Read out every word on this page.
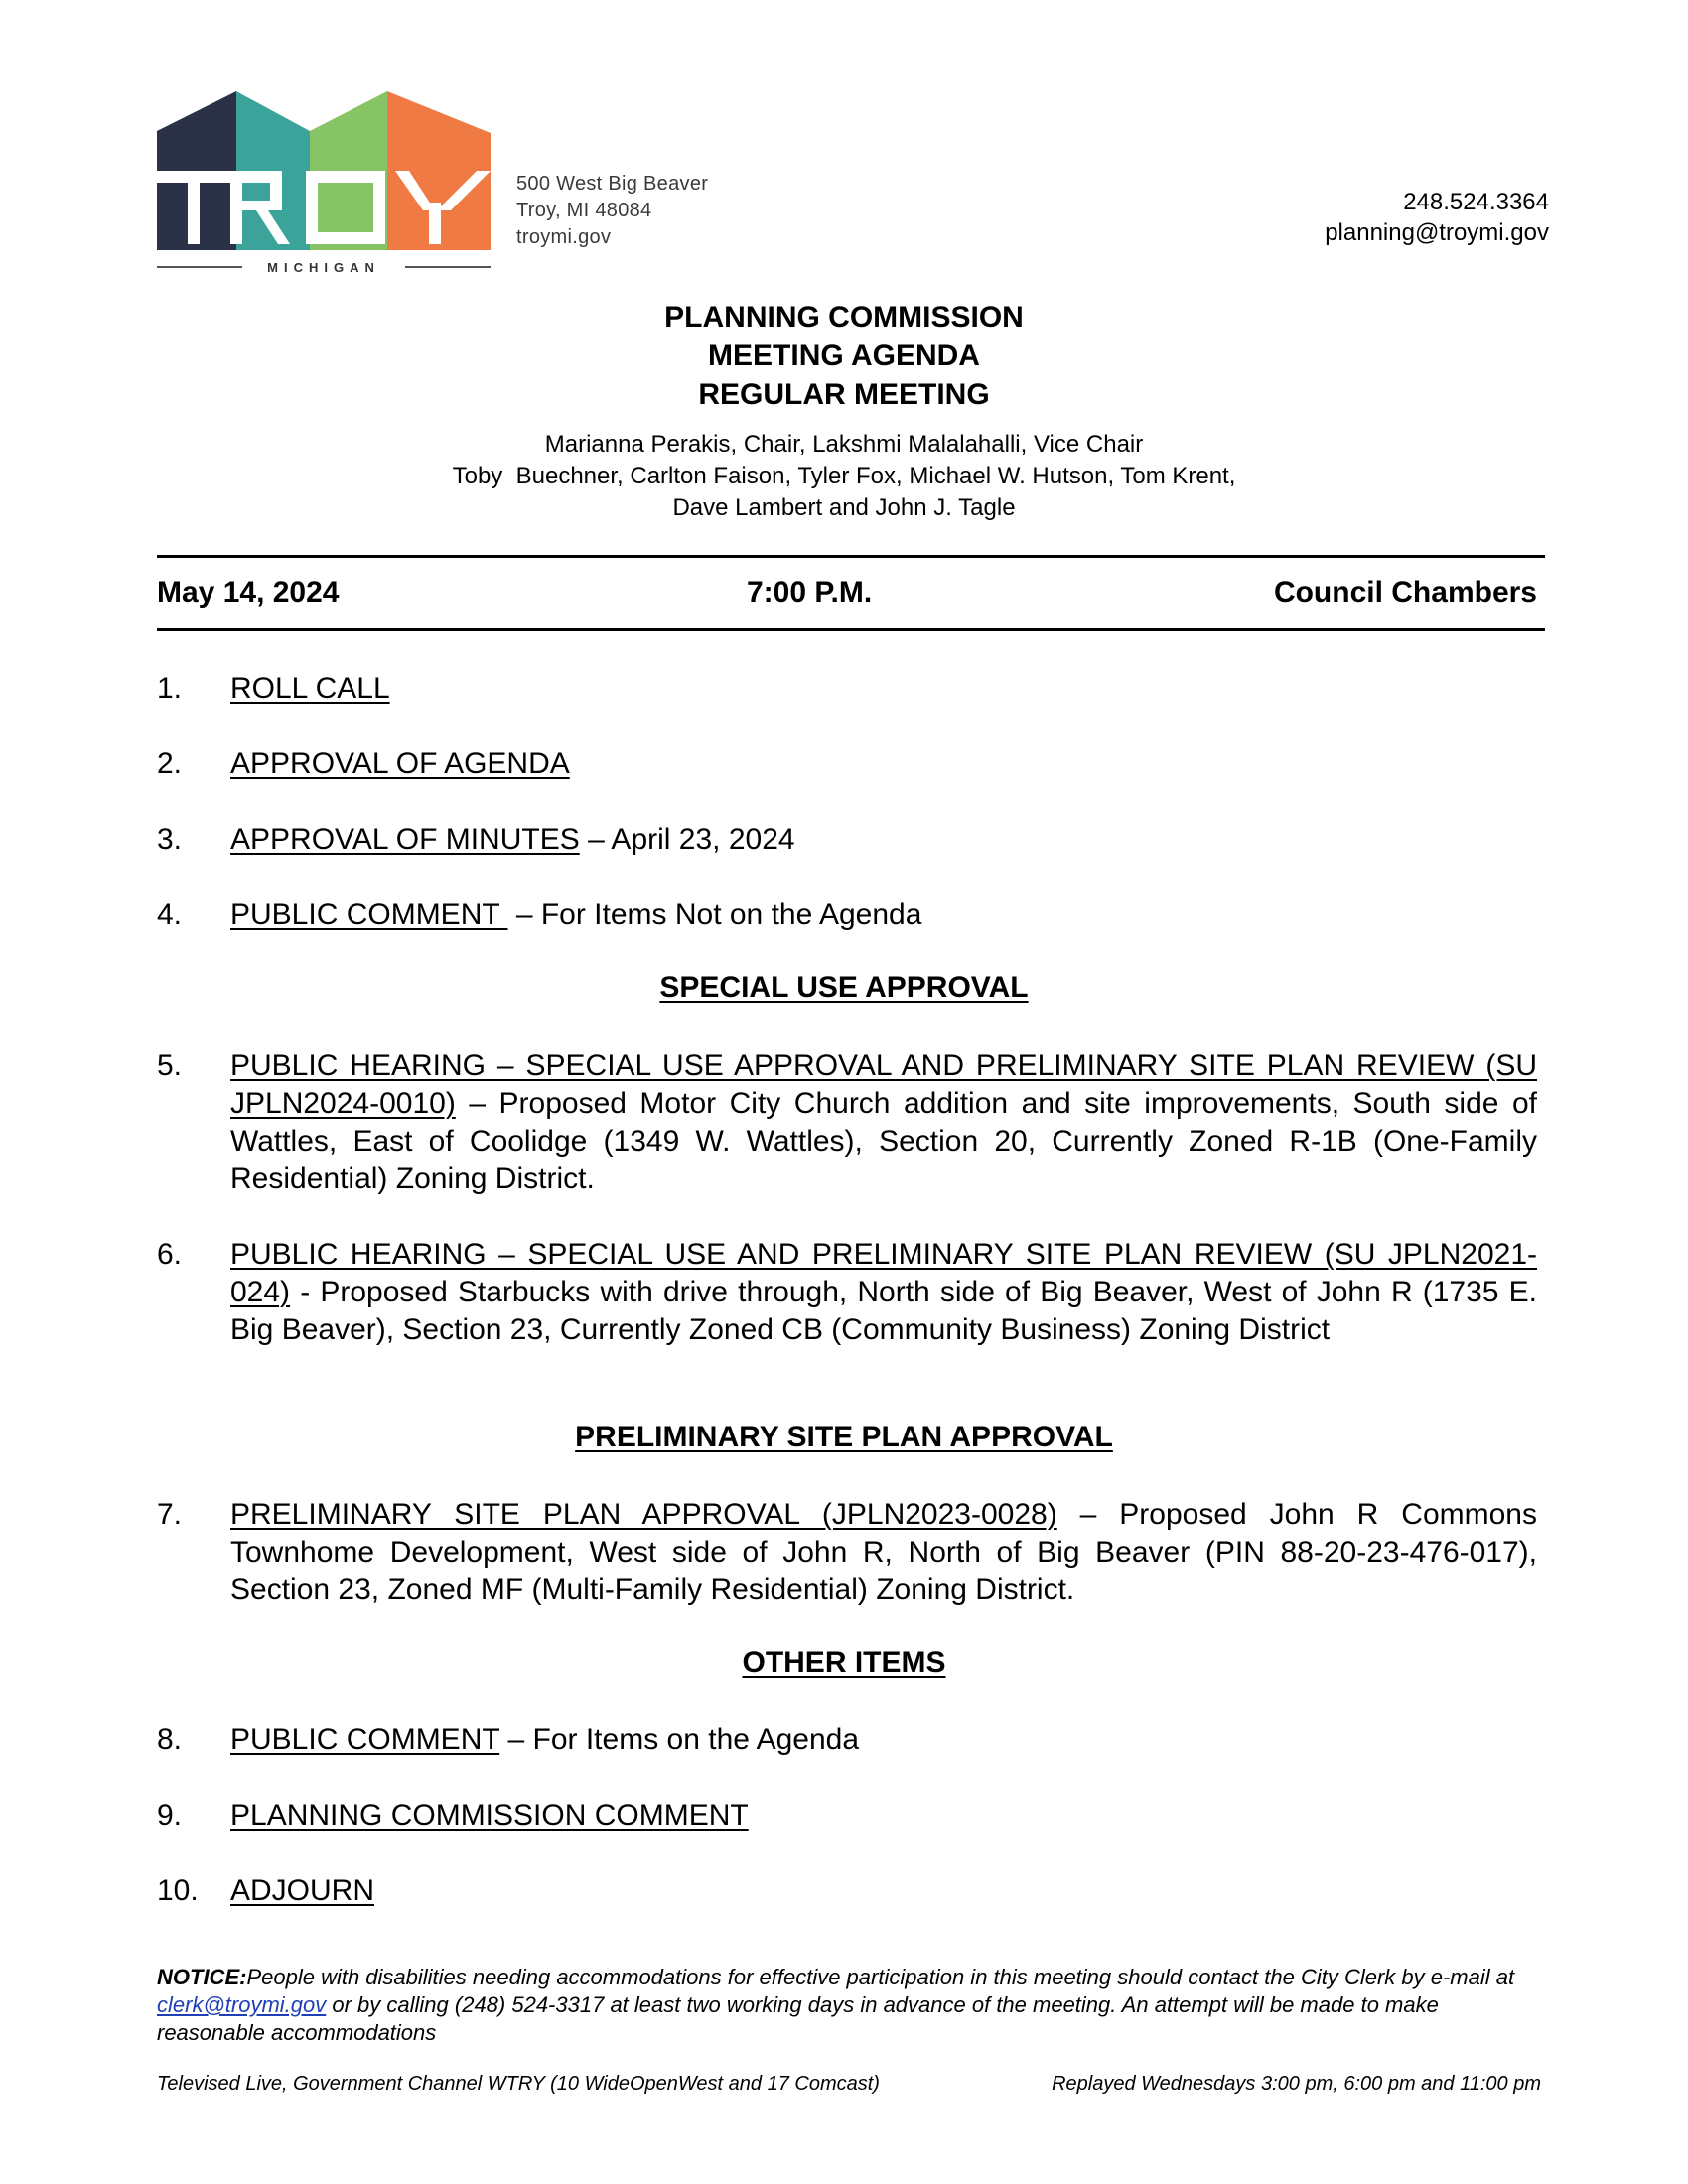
MICHIGAN
500 West Big Beaver
Troy, MI 48084
troymi.gov
248.524.3364
planning@troymi.gov
PLANNING COMMISSION
MEETING AGENDA
REGULAR MEETING
Marianna Perakis, Chair, Lakshmi Malalahalli, Vice Chair
Toby  Buechner, Carlton Faison, Tyler Fox, Michael W. Hutson, Tom Krent,
Dave Lambert and John J. Tagle
May 14, 2024	7:00 P.M.	Council Chambers
1. ROLL CALL
2. APPROVAL OF AGENDA
3. APPROVAL OF MINUTES – April 23, 2024
4. PUBLIC COMMENT  – For Items Not on the Agenda
SPECIAL USE APPROVAL
5. PUBLIC HEARING – SPECIAL USE APPROVAL AND PRELIMINARY SITE PLAN REVIEW (SU JPLN2024-0010) – Proposed Motor City Church addition and site improvements, South side of Wattles, East of Coolidge (1349 W. Wattles), Section 20, Currently Zoned R-1B (One-Family Residential) Zoning District.
6. PUBLIC HEARING – SPECIAL USE AND PRELIMINARY SITE PLAN REVIEW (SU JPLN2021-024) - Proposed Starbucks with drive through, North side of Big Beaver, West of John R (1735 E. Big Beaver), Section 23, Currently Zoned CB (Community Business) Zoning District
PRELIMINARY SITE PLAN APPROVAL
7. PRELIMINARY SITE PLAN APPROVAL (JPLN2023-0028) – Proposed John R Commons Townhome Development, West side of John R, North of Big Beaver (PIN 88-20-23-476-017), Section 23, Zoned MF (Multi-Family Residential) Zoning District.
OTHER ITEMS
8. PUBLIC COMMENT – For Items on the Agenda
9. PLANNING COMMISSION COMMENT
10. ADJOURN
NOTICE:People with disabilities needing accommodations for effective participation in this meeting should contact the City Clerk by e-mail at clerk@troymi.gov or by calling (248) 524-3317 at least two working days in advance of the meeting. An attempt will be made to make reasonable accommodations
Televised Live, Government Channel WTRY (10 WideOpenWest and 17 Comcast)	Replayed Wednesdays 3:00 pm, 6:00 pm and 11:00 pm
